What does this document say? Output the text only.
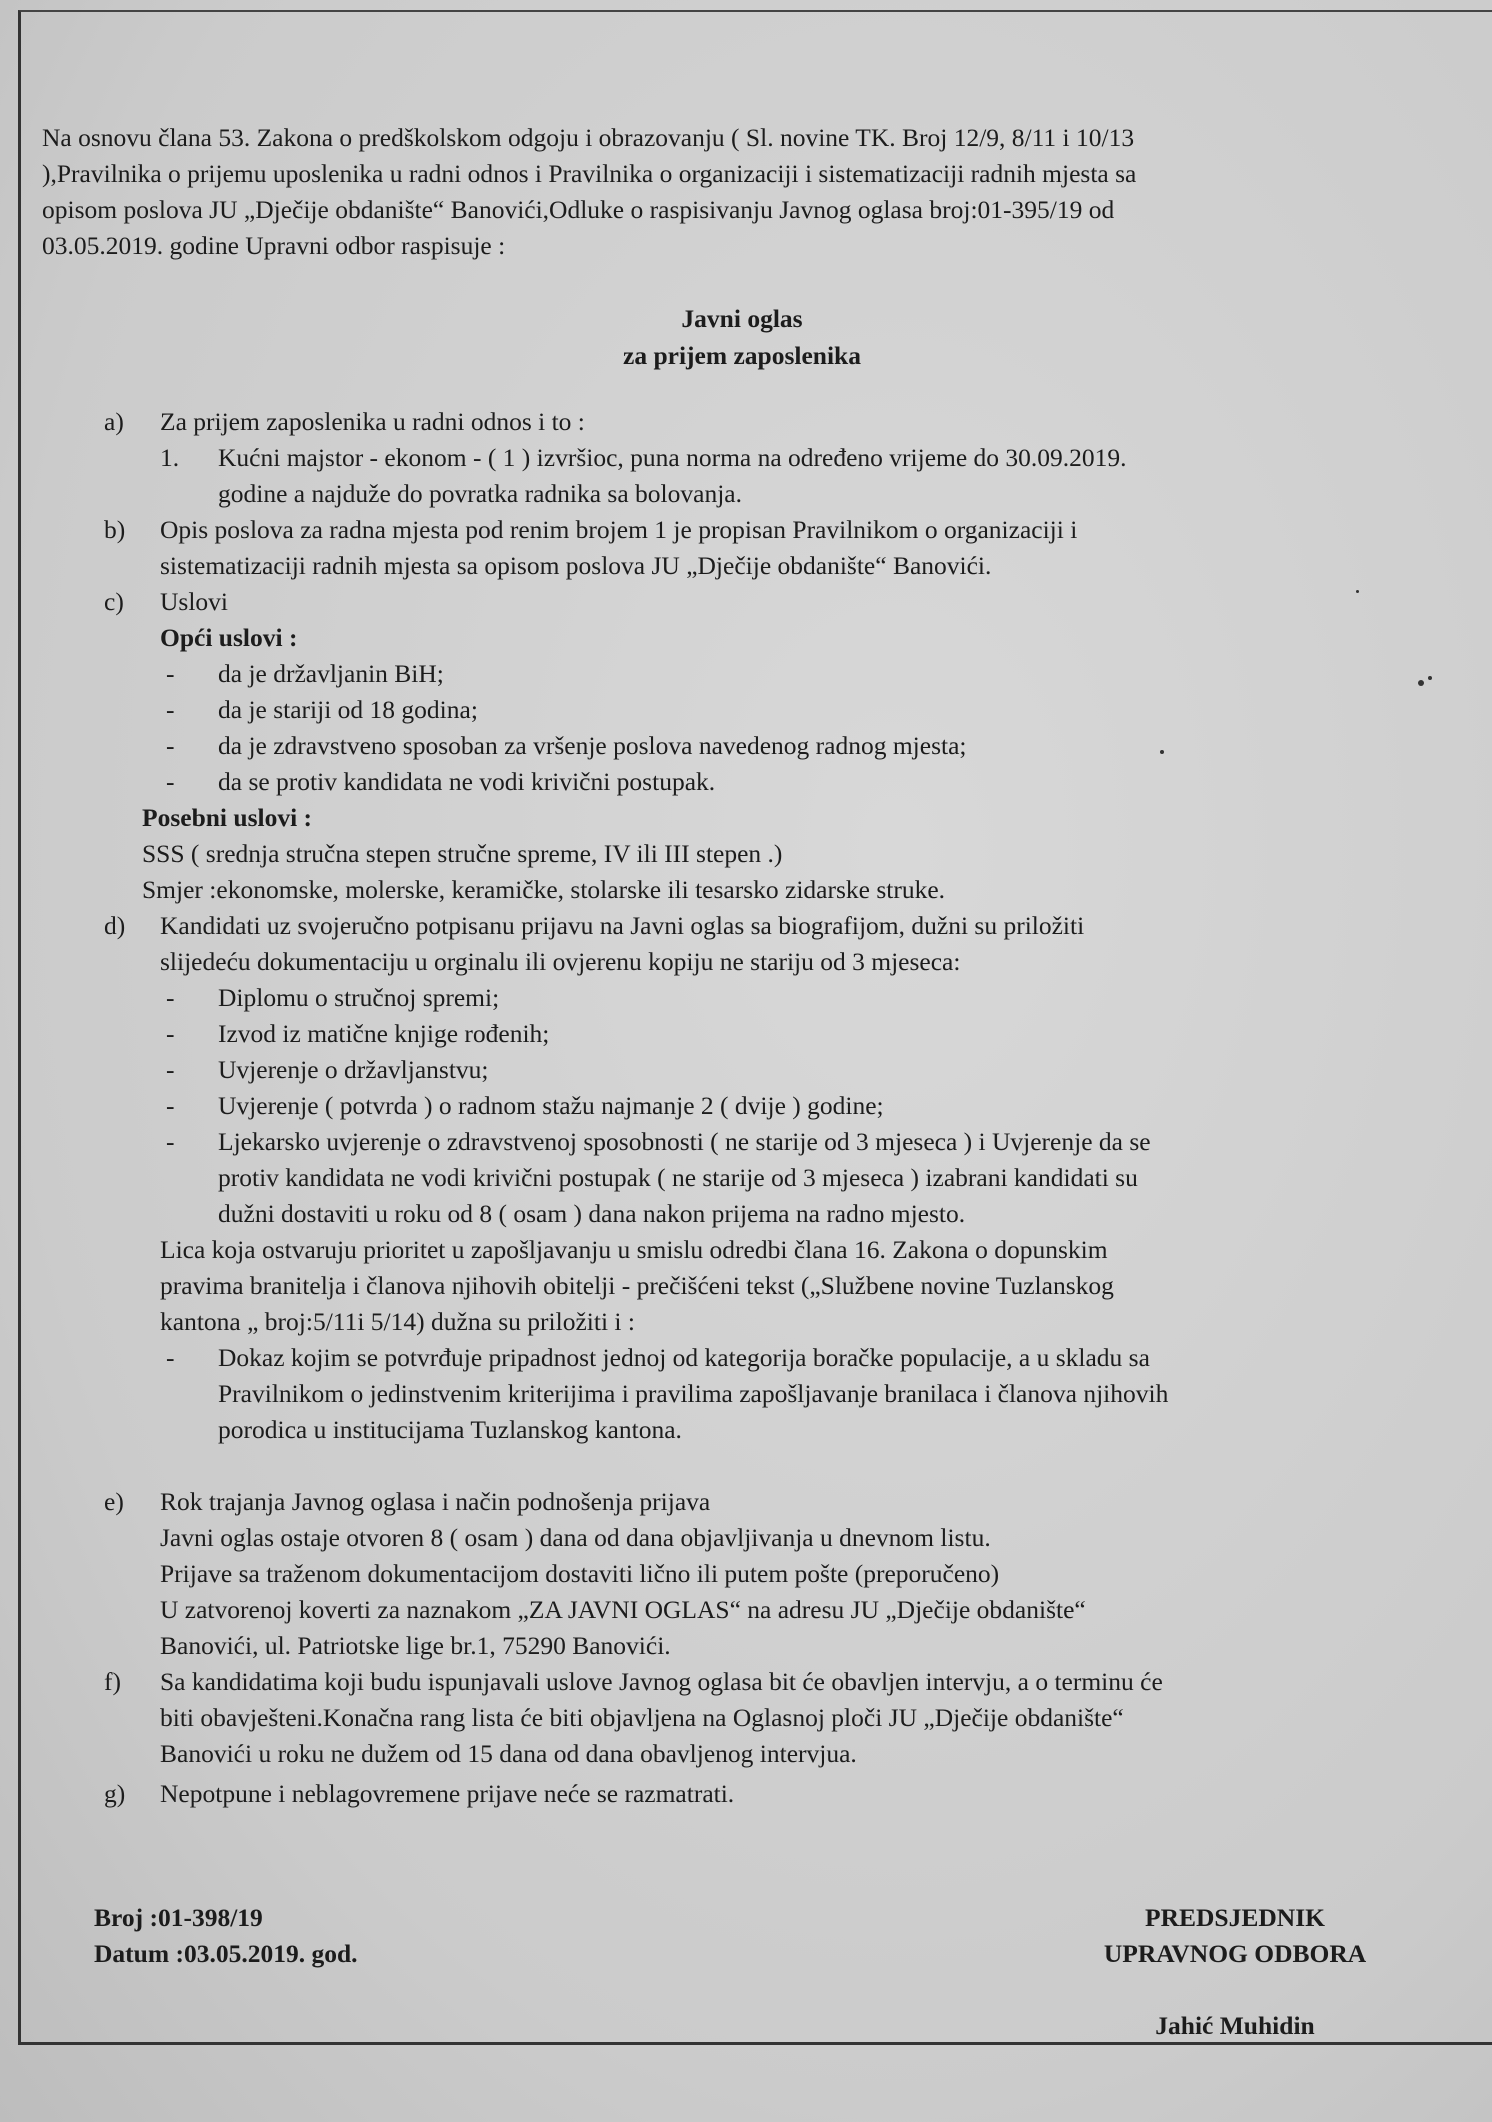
Na osnovu člana 53. Zakona o predškolskom odgoju i obrazovanju ( Sl. novine TK. Broj 12/9, 8/11 i 10/13
),Pravilnika o prijemu uposlenika u radni odnos i Pravilnika o organizaciji i sistematizaciji radnih mjesta sa
opisom poslova JU „Dječije obdanište“ Banovići,Odluke o raspisivanju Javnog oglasa broj:01-395/19 od
03.05.2019. godine Upravni odbor raspisuje :
Javni oglas
za prijem zaposlenika
a) Za prijem zaposlenika u radni odnos i to :
1. Kućni majstor - ekonom - ( 1 ) izvršioc, puna norma na određeno vrijeme do 30.09.2019.
godine a najduže do povratka radnika sa bolovanja.
b) Opis poslova za radna mjesta pod renim brojem 1 je propisan Pravilnikom o organizaciji i
sistematizaciji radnih mjesta sa opisom poslova JU „Dječije obdanište“ Banovići.
c) Uslovi
Opći uslovi :
- da je državljanin BiH;
- da je stariji od 18 godina;
- da je zdravstveno sposoban za vršenje poslova navedenog radnog mjesta;
- da se protiv kandidata ne vodi krivični postupak.
Posebni uslovi :
SSS ( srednja stručna stepen stručne spreme, IV ili III stepen .)
Smjer :ekonomske, molerske, keramičke, stolarske ili tesarsko zidarske struke.
d) Kandidati uz svojeručno potpisanu prijavu na Javni oglas sa biografijom, dužni su priložiti
slijedeću dokumentaciju u orginalu ili ovjerenu kopiju ne stariju od 3 mjeseca:
- Diplomu o stručnoj spremi;
- Izvod iz matične knjige rođenih;
- Uvjerenje o državljanstvu;
- Uvjerenje ( potvrda ) o radnom stažu najmanje 2 ( dvije ) godine;
- Ljekarsko uvjerenje o zdravstvenoj sposobnosti ( ne starije od 3 mjeseca ) i Uvjerenje da se
protiv kandidata ne vodi krivični postupak ( ne starije od 3 mjeseca ) izabrani kandidati su
dužni dostaviti u roku od 8 ( osam ) dana nakon prijema na radno mjesto.
Lica koja ostvaruju prioritet u zapošljavanju u smislu odredbi člana 16. Zakona o dopunskim
pravima branitelja i članova njihovih obitelji - prečišćeni tekst („Službene novine Tuzlanskog
kantona „ broj:5/11i 5/14) dužna su priložiti i :
- Dokaz kojim se potvrđuje pripadnost jednoj od kategorija boračke populacije, a u skladu sa
Pravilnikom o jedinstvenim kriterijima i pravilima zapošljavanje branilaca i članova njihovih
porodica u institucijama Tuzlanskog kantona.
e) Rok trajanja Javnog oglasa i način podnošenja prijava
Javni oglas ostaje otvoren 8 ( osam ) dana od dana objavljivanja u dnevnom listu.
Prijave sa traženom dokumentacijom dostaviti lično ili putem pošte (preporučeno)
U zatvorenoj koverti za naznakom „ZA JAVNI OGLAS“ na adresu JU „Dječije obdanište“
Banovići, ul. Patriotske lige br.1, 75290 Banovići.
f) Sa kandidatima koji budu ispunjavali uslove Javnog oglasa bit će obavljen intervju, a o terminu će
biti obavješteni.Konačna rang lista će biti objavljena na Oglasnoj ploči JU „Dječije obdanište“
Banovići u roku ne dužem od 15 dana od dana obavljenog intervjua.
g) Nepotpune i neblagovremene prijave neće se razmatrati.
Broj :01-398/19
Datum :03.05.2019. god.
PREDSJEDNIK
UPRAVNOG ODBORA
Jahić Muhidin
